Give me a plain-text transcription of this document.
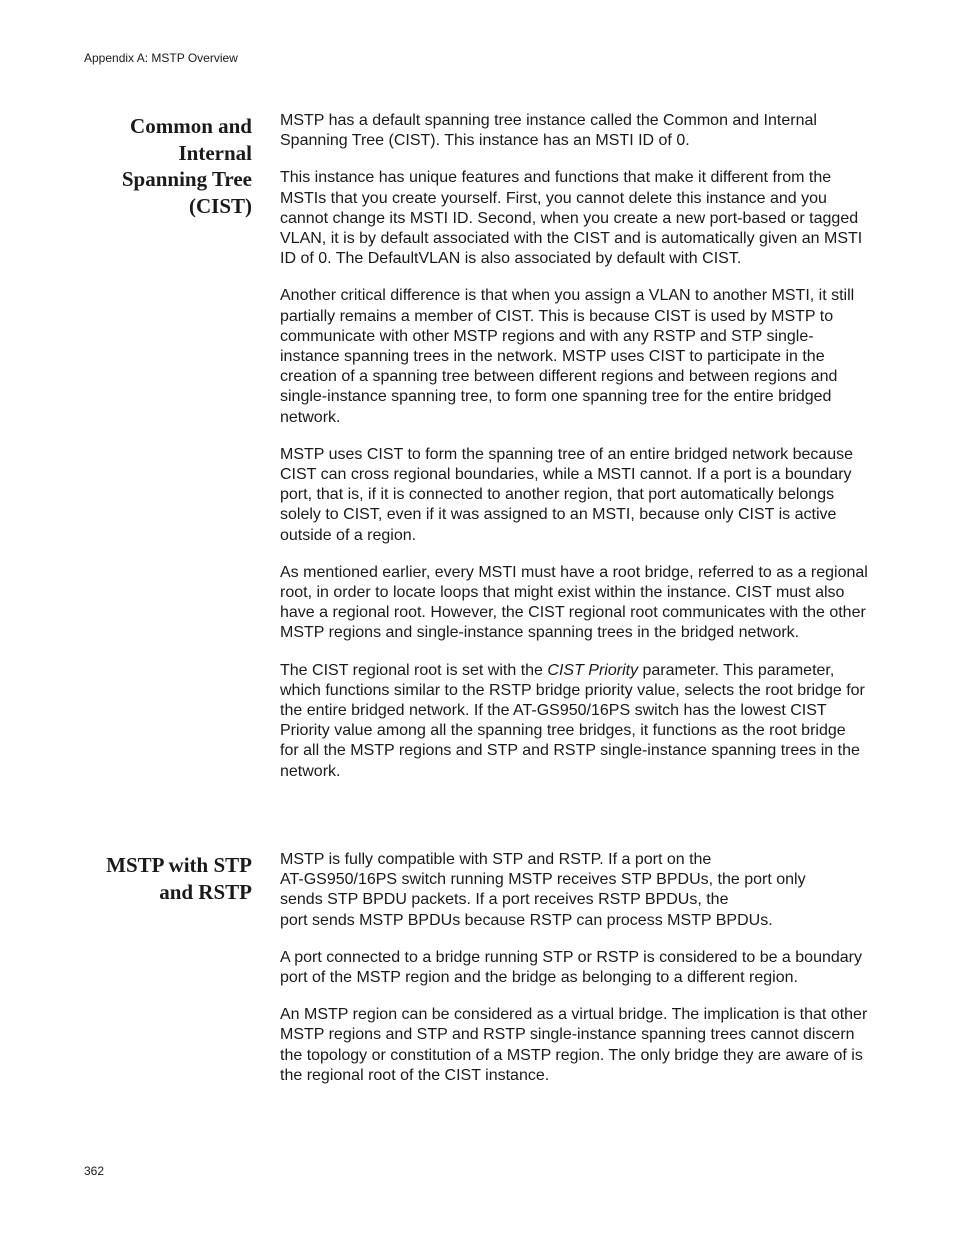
Appendix A: MSTP Overview
Common and
Internal
Spanning Tree
(CIST)

MSTP has a default spanning tree instance called the Common and Internal Spanning Tree (CIST). This instance has an MSTI ID of 0.

This instance has unique features and functions that make it different from the MSTIs that you create yourself. First, you cannot delete this instance and you cannot change its MSTI ID. Second, when you create a new port-based or tagged VLAN, it is by default associated with the CIST and is automatically given an MSTI ID of 0. The DefaultVLAN is also associated by default with CIST.

Another critical difference is that when you assign a VLAN to another MSTI, it still partially remains a member of CIST. This is because CIST is used by MSTP to communicate with other MSTP regions and with any RSTP and STP single-instance spanning trees in the network. MSTP uses CIST to participate in the creation of a spanning tree between different regions and between regions and single-instance spanning tree, to form one spanning tree for the entire bridged network.

MSTP uses CIST to form the spanning tree of an entire bridged network because CIST can cross regional boundaries, while a MSTI cannot. If a port is a boundary port, that is, if it is connected to another region, that port automatically belongs solely to CIST, even if it was assigned to an MSTI, because only CIST is active outside of a region.

As mentioned earlier, every MSTI must have a root bridge, referred to as a regional root, in order to locate loops that might exist within the instance. CIST must also have a regional root. However, the CIST regional root communicates with the other MSTP regions and single-instance spanning trees in the bridged network.

The CIST regional root is set with the CIST Priority parameter. This parameter, which functions similar to the RSTP bridge priority value, selects the root bridge for the entire bridged network. If the AT-GS950/16PS switch has the lowest CIST Priority value among all the spanning tree bridges, it functions as the root bridge for all the MSTP regions and STP and RSTP single-instance spanning trees in the network.

MSTP with STP
and RSTP

MSTP is fully compatible with STP and RSTP. If a port on the
AT-GS950/16PS switch running MSTP receives STP BPDUs, the port only
sends STP BPDU packets. If a port receives RSTP BPDUs, the
port sends MSTP BPDUs because RSTP can process MSTP BPDUs.

A port connected to a bridge running STP or RSTP is considered to be a boundary port of the MSTP region and the bridge as belonging to a different region.

An MSTP region can be considered as a virtual bridge. The implication is that other MSTP regions and STP and RSTP single-instance spanning trees cannot discern the topology or constitution of a MSTP region. The only bridge they are aware of is the regional root of the CIST instance.

362
